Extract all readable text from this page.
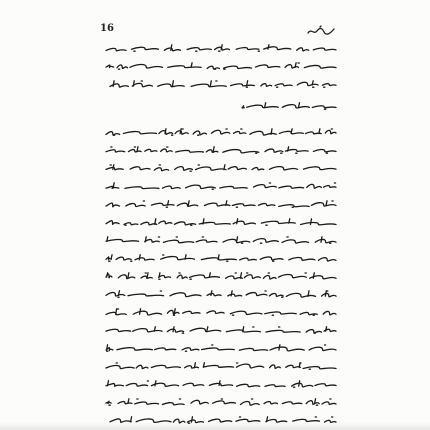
16
